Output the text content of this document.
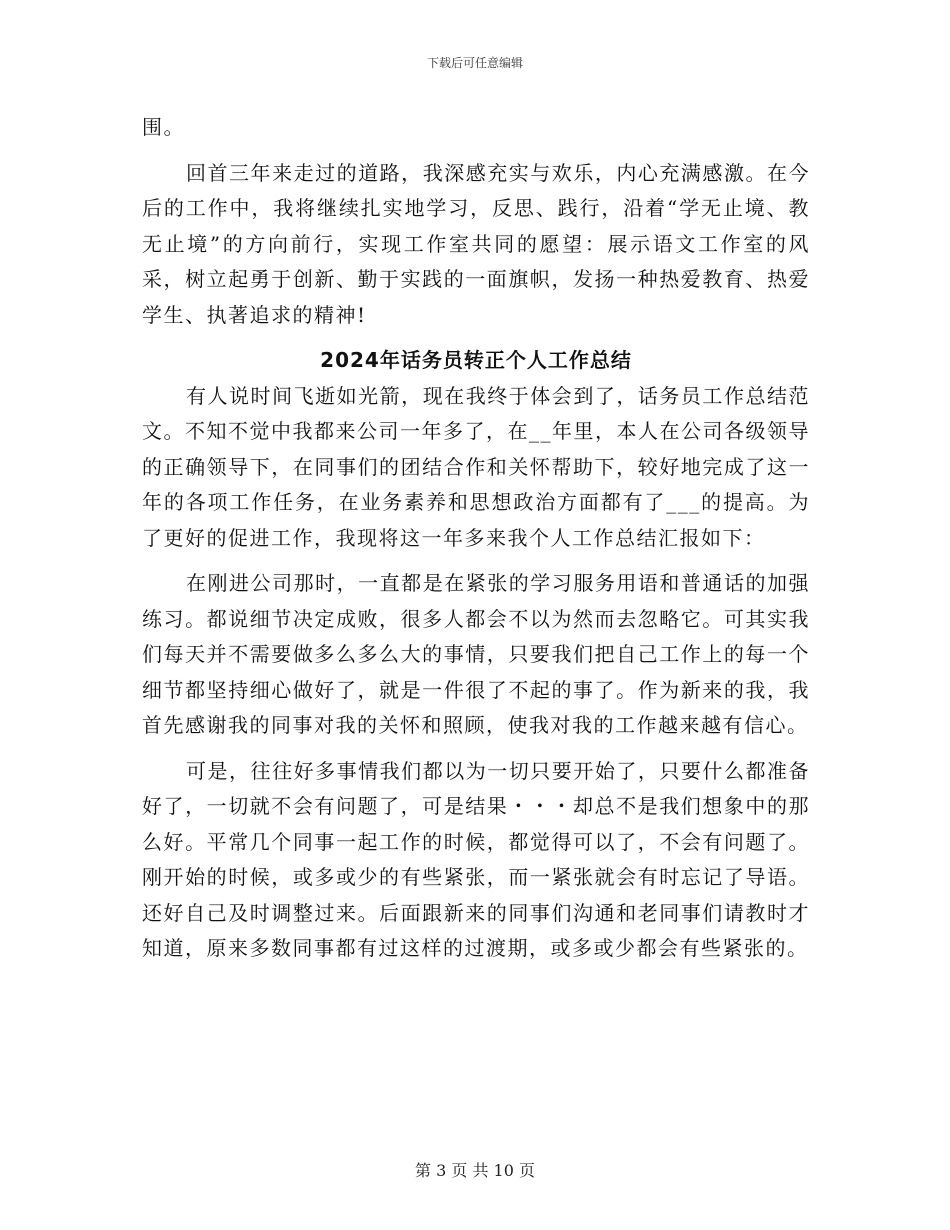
下载后可任意编辑

围。

回首三年来走过的道路，我深感充实与欢乐，内心充满感激。在今后的工作中，我将继续扎实地学习，反思、践行，沿着“学无止境、教无止境”的方向前行，实现工作室共同的愿望：展示语文工作室的风采，树立起勇于创新、勤于实践的一面旗帜，发扬一种热爱教育、热爱学生、执著追求的精神!

2024年话务员转正个人工作总结

有人说时间飞逝如光箭，现在我终于体会到了，话务员工作总结范文。不知不觉中我都来公司一年多了，在__年里，本人在公司各级领导的正确领导下，在同事们的团结合作和关怀帮助下，较好地完成了这一年的各项工作任务，在业务素养和思想政治方面都有了___的提高。为了更好的促进工作，我现将这一年多来我个人工作总结汇报如下：

在刚进公司那时，一直都是在紧张的学习服务用语和普通话的加强练习。都说细节决定成败，很多人都会不以为然而去忽略它。可其实我们每天并不需要做多么多么大的事情，只要我们把自己工作上的每一个细节都坚持细心做好了，就是一件很了不起的事了。作为新来的我，我首先感谢我的同事对我的关怀和照顾，使我对我的工作越来越有信心。

可是，往往好多事情我们都以为一切只要开始了，只要什么都准备好了，一切就不会有问题了，可是结果・・・却总不是我们想象中的那么好。平常几个同事一起工作的时候，都觉得可以了，不会有问题了。刚开始的时候，或多或少的有些紧张，而一紧张就会有时忘记了导语。还好自己及时调整过来。后面跟新来的同事们沟通和老同事们请教时才知道，原来多数同事都有过这样的过渡期，或多或少都会有些紧张的。

第 3 页 共 10 页
